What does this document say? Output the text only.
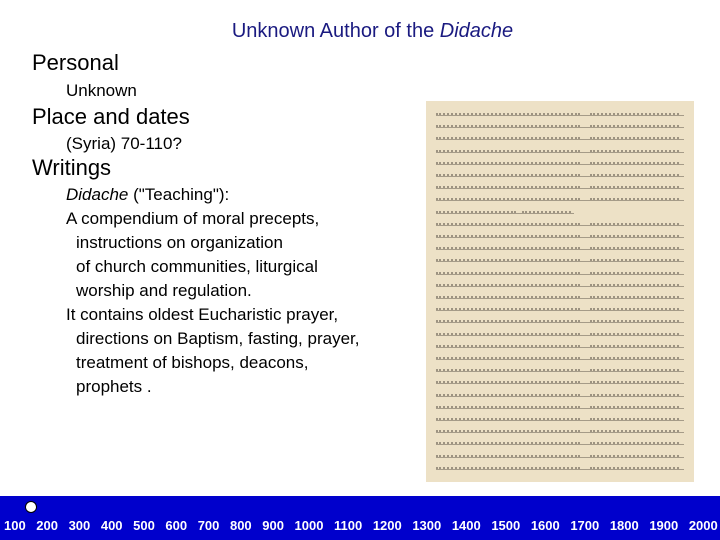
Unknown Author of the Didache
Personal
Unknown
Place and dates
(Syria) 70-110?
Writings
Didache ("Teaching"):
A compendium of moral precepts,
instructions on organization
of church communities, liturgical
worship and regulation.
It contains oldest Eucharistic prayer,
directions on Baptism, fasting, prayer,
treatment of bishops, deacons,
prophets .
100 200 300 400 500 600 700 800 900 1000 1100 1200 1300 1400 1500 1600 1700 1800 1900 2000
